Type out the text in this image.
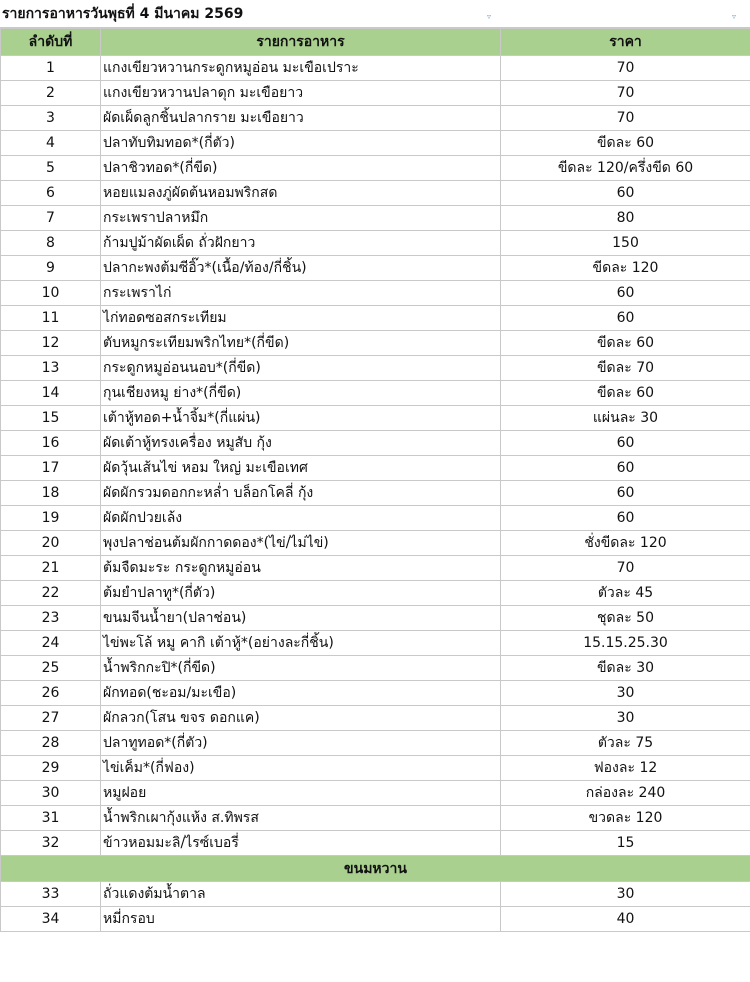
รายการอาหารวันพุธที่ 4 มีนาคม 2569	▿	▿
ลำดับที่	รายการอาหาร	ราคา
1	แกงเขียวหวานกระดูกหมูอ่อน มะเขือเปราะ	70
2	แกงเขียวหวานปลาดุก มะเขือยาว	70
3	ผัดเผ็ดลูกชิ้นปลากราย มะเขือยาว	70
4	ปลาทับทิมทอด*(กี่ตัว)	ขีดละ 60
5	ปลาชิวทอด*(กี่ขีด)	ขีดละ 120/ครึ่งขีด 60
6	หอยแมลงภู่ผัดต้นหอมพริกสด	60
7	กระเพราปลาหมึก	80
8	ก้ามปูม้าผัดเผ็ด ถั่วฝักยาว	150
9	ปลากะพงต้มซีอิ๊ว*(เนื้อ/ท้อง/กี่ชิ้น)	ขีดละ 120
10	กระเพราไก่	60
11	ไก่ทอดซอสกระเทียม	60
12	ตับหมูกระเทียมพริกไทย*(กี่ขีด)	ขีดละ 60
13	กระดูกหมูอ่อนนอบ*(กี่ขีด)	ขีดละ 70
14	กุนเชียงหมู ย่าง*(กี่ขีด)	ขีดละ 60
15	เต้าหู้ทอด+น้ำจิ้ม*(กี่แผ่น)	แผ่นละ 30
16	ผัดเต้าหู้ทรงเครื่อง หมูสับ กุ้ง	60
17	ผัดวุ้นเส้นไข่ หอม ใหญ่ มะเขือเทศ	60
18	ผัดผักรวมดอกกะหล่ำ บล็อกโคลี่ กุ้ง	60
19	ผัดผักปวยเล้ง	60
20	พุงปลาช่อนต้มผักกาดดอง*(ไข่/ไม่ไข่)	ชั่งขีดละ 120
21	ต้มจืดมะระ กระดูกหมูอ่อน	70
22	ต้มยำปลาทู*(กี่ตัว)	ตัวละ 45
23	ขนมจีนน้ำยา(ปลาช่อน)	ชุดละ 50
24	ไข่พะโล้ หมู คากิ เต้าหู้*(อย่างละกี่ชิ้น)	15.15.25.30
25	น้ำพริกกะปิ*(กี่ขีด)	ขีดละ 30
26	ผักทอด(ชะอม/มะเขือ)	30
27	ผักลวก(โสน ขจร ดอกแค)	30
28	ปลาทูทอด*(กี่ตัว)	ตัวละ 75
29	ไข่เค็ม*(กี่ฟอง)	ฟองละ 12
30	หมูฝอย	กล่องละ 240
31	น้ำพริกเผากุ้งแห้ง ส.ทิพรส	ขวดละ 120
32	ข้าวหอมมะลิ/ไรซ์เบอรี่	15
ขนมหวาน		
33	ถั่วแดงต้มน้ำตาล	30
34	หมี่กรอบ	40
